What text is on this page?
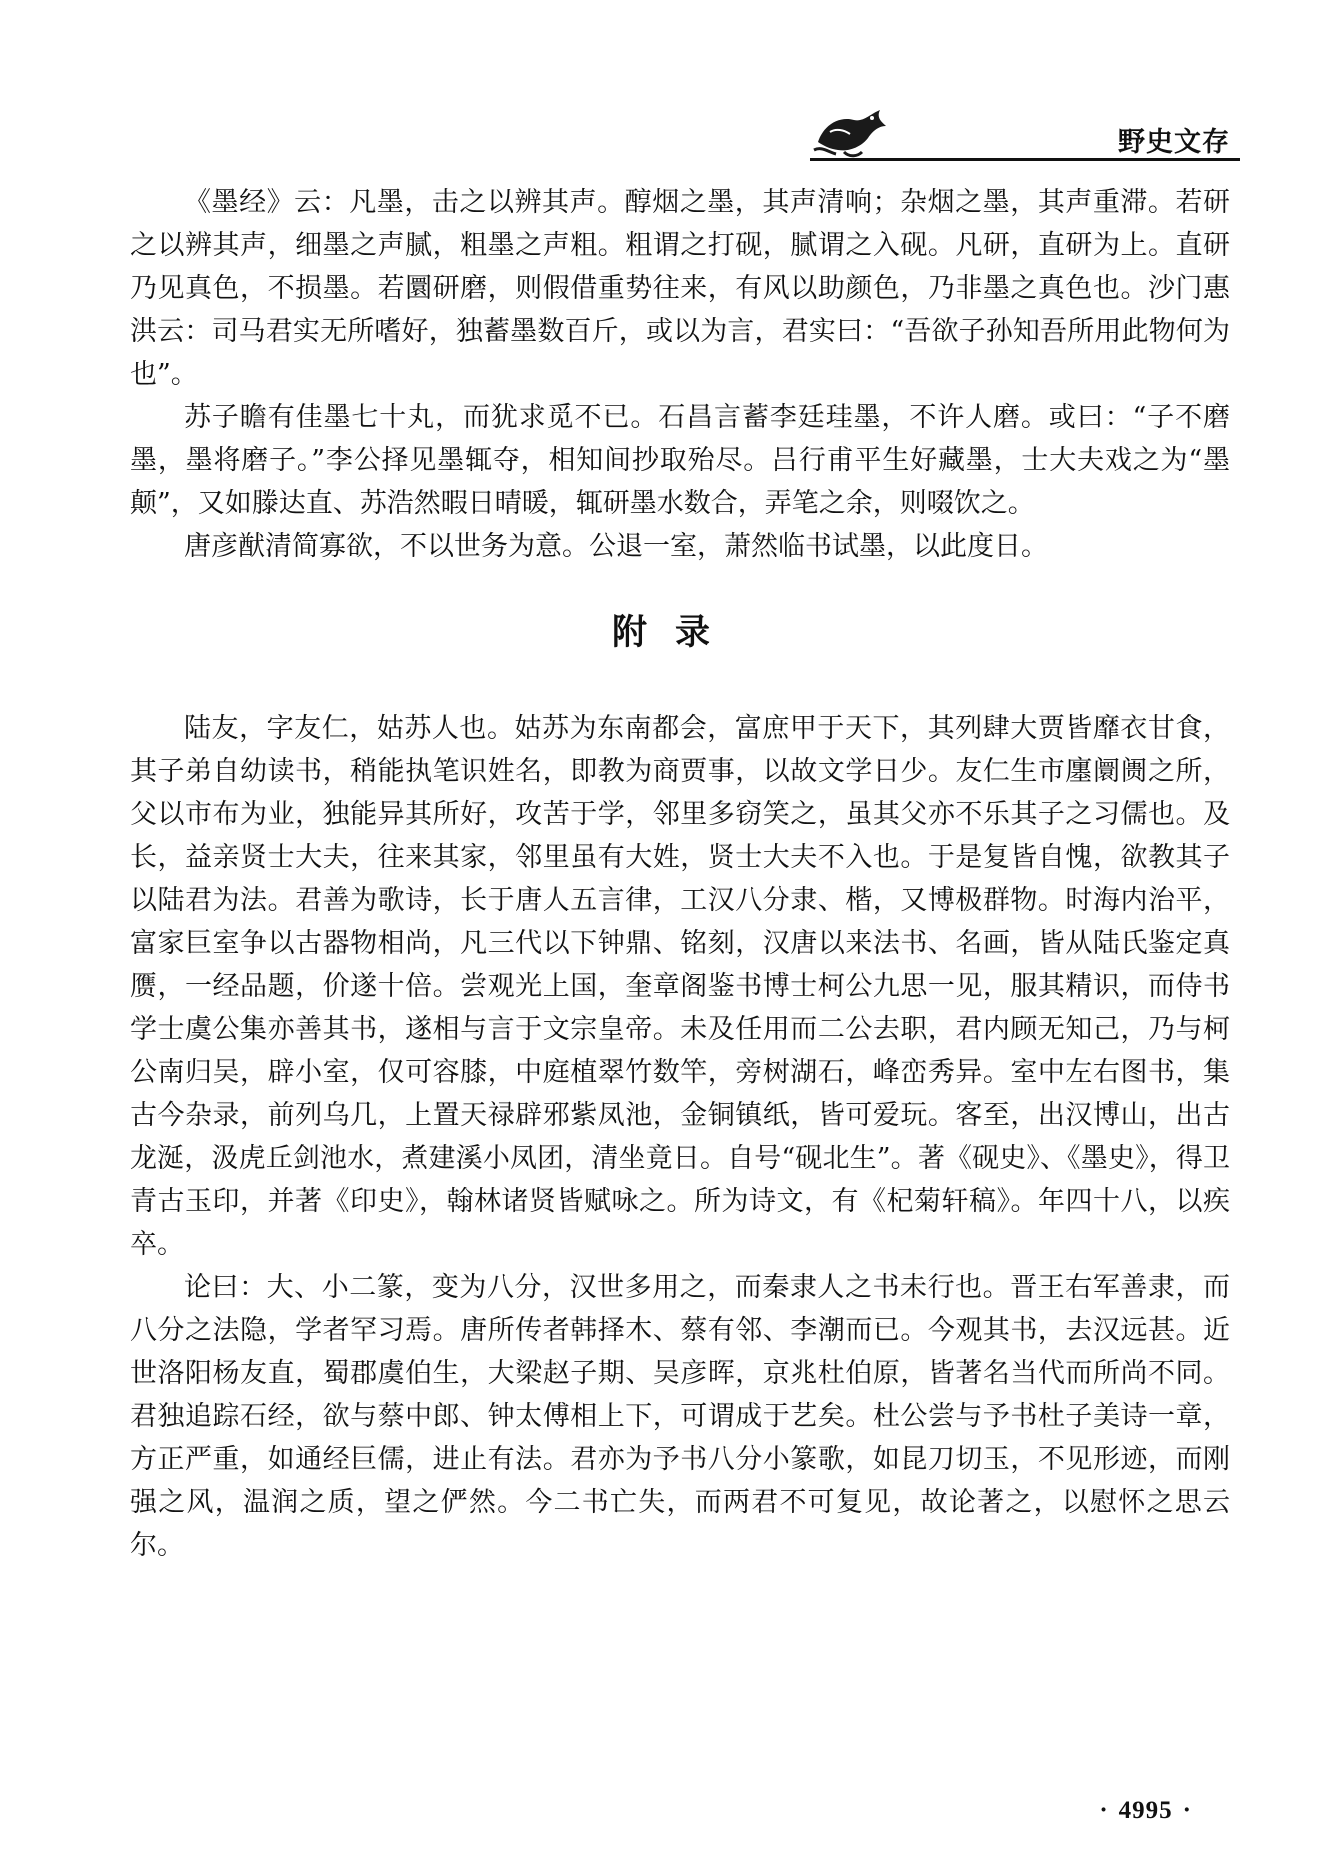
野史文存

《墨经》云：凡墨，击之以辨其声。醇烟之墨，其声清响；杂烟之墨，其声重滞。若研之以辨其声，细墨之声腻，粗墨之声粗。粗谓之打砚，腻谓之入砚。凡研，直研为上。直研乃见真色，不损墨。若圜研磨，则假借重势往来，有风以助颜色，乃非墨之真色也。沙门惠洪云：司马君实无所嗜好，独蓄墨数百斤，或以为言，君实曰：“吾欲子孙知吾所用此物何为也”。

苏子瞻有佳墨七十丸，而犹求觅不已。石昌言蓄李廷珪墨，不许人磨。或曰：“子不磨墨，墨将磨子。”李公择见墨辄夺，相知间抄取殆尽。吕行甫平生好藏墨，士大夫戏之为“墨颠”，又如滕达直、苏浩然暇日晴暖，辄研墨水数合，弄笔之余，则啜饮之。

唐彦猷清简寡欲，不以世务为意。公退一室，萧然临书试墨，以此度日。

附录

陆友，字友仁，姑苏人也。姑苏为东南都会，富庶甲于天下，其列肆大贾皆靡衣甘食，其子弟自幼读书，稍能执笔识姓名，即教为商贾事，以故文学日少。友仁生市廛阛阓之所，父以市布为业，独能异其所好，攻苦于学，邻里多窃笑之，虽其父亦不乐其子之习儒也。及长，益亲贤士大夫，往来其家，邻里虽有大姓，贤士大夫不入也。于是复皆自愧，欲教其子以陆君为法。君善为歌诗，长于唐人五言律，工汉八分隶、楷，又博极群物。时海内治平，富家巨室争以古器物相尚，凡三代以下钟鼎、铭刻，汉唐以来法书、名画，皆从陆氏鉴定真赝，一经品题，价遂十倍。尝观光上国，奎章阁鉴书博士柯公九思一见，服其精识，而侍书学士虞公集亦善其书，遂相与言于文宗皇帝。未及任用而二公去职，君内顾无知己，乃与柯公南归吴，辟小室，仅可容膝，中庭植翠竹数竿，旁树湖石，峰峦秀异。室中左右图书，集古今杂录，前列乌几，上置天禄辟邪紫凤池，金铜镇纸，皆可爱玩。客至，出汉博山，出古龙涎，汲虎丘剑池水，煮建溪小凤团，清坐竟日。自号“砚北生”。著《砚史》、《墨史》，得卫青古玉印，并著《印史》，翰林诸贤皆赋咏之。所为诗文，有《杞菊轩稿》。年四十八，以疾卒。

论曰：大、小二篆，变为八分，汉世多用之，而秦隶人之书未行也。晋王右军善隶，而八分之法隐，学者罕习焉。唐所传者韩择木、蔡有邻、李潮而已。今观其书，去汉远甚。近世洛阳杨友直，蜀郡虞伯生，大梁赵子期、吴彦晖，京兆杜伯原，皆著名当代而所尚不同。君独追踪石经，欲与蔡中郎、钟太傅相上下，可谓成于艺矣。杜公尝与予书杜子美诗一章，方正严重，如通经巨儒，进止有法。君亦为予书八分小篆歌，如昆刀切玉，不见形迹，而刚强之风，温润之质，望之俨然。今二书亡失，而两君不可复见，故论著之，以慰怀之思云尔。

· 4995 ·
